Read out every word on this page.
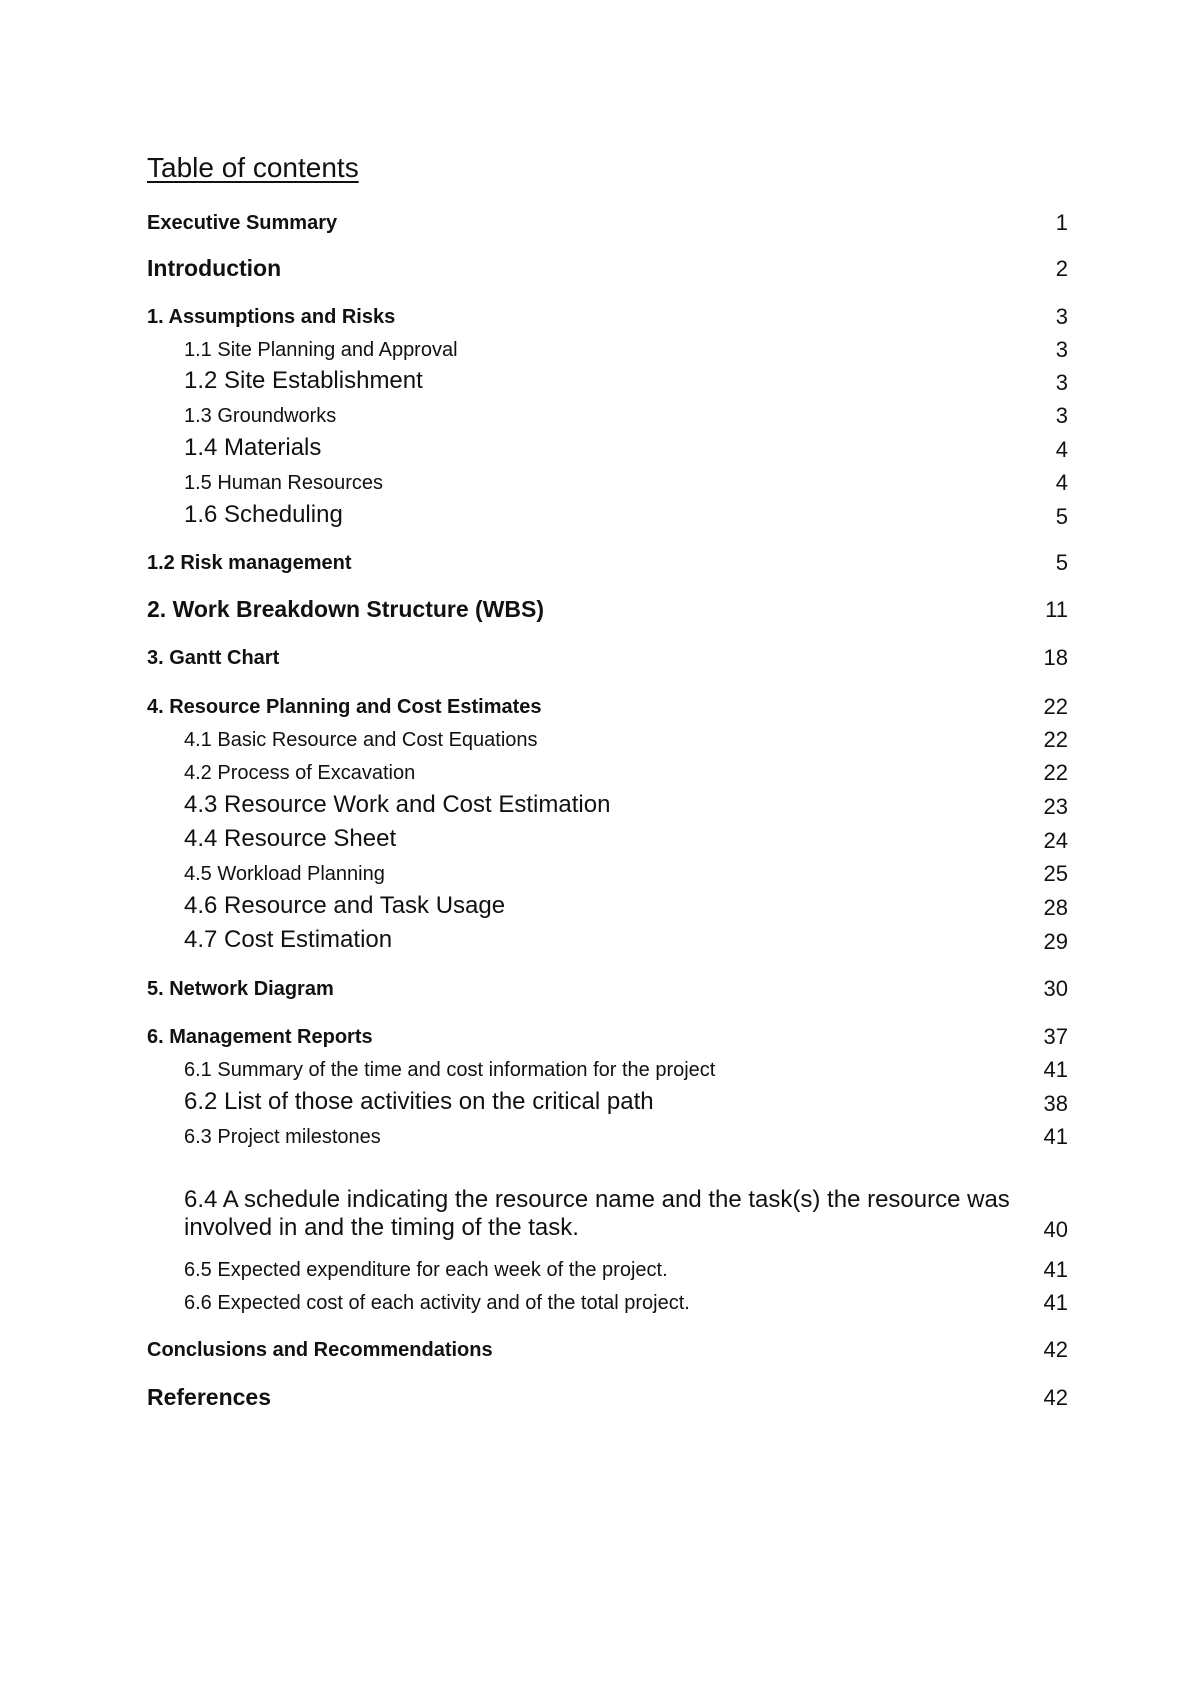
Table of contents
Executive Summary	1
Introduction	2
1. Assumptions and Risks	3
1.1 Site Planning and Approval	3
1.2 Site Establishment	3
1.3 Groundworks	3
1.4 Materials	4
1.5 Human Resources	4
1.6 Scheduling	5
1.2 Risk management	5
2. Work Breakdown Structure (WBS)	11
3. Gantt Chart	18
4. Resource Planning and Cost Estimates	22
4.1 Basic Resource and Cost Equations	22
4.2 Process of Excavation	22
4.3 Resource Work and Cost Estimation	23
4.4 Resource Sheet	24
4.5 Workload Planning	25
4.6 Resource and Task Usage	28
4.7 Cost Estimation	29
5. Network Diagram	30
6. Management Reports	37
6.1 Summary of the time and cost information for the project	41
6.2 List of those activities on the critical path	38
6.3 Project milestones	41
6.4 A schedule indicating the resource name and the task(s) the resource was
involved in and the timing of the task.	40
6.5 Expected expenditure for each week of the project.	41
6.6 Expected cost of each activity and of the total project.	41
Conclusions and Recommendations	42
References	42
